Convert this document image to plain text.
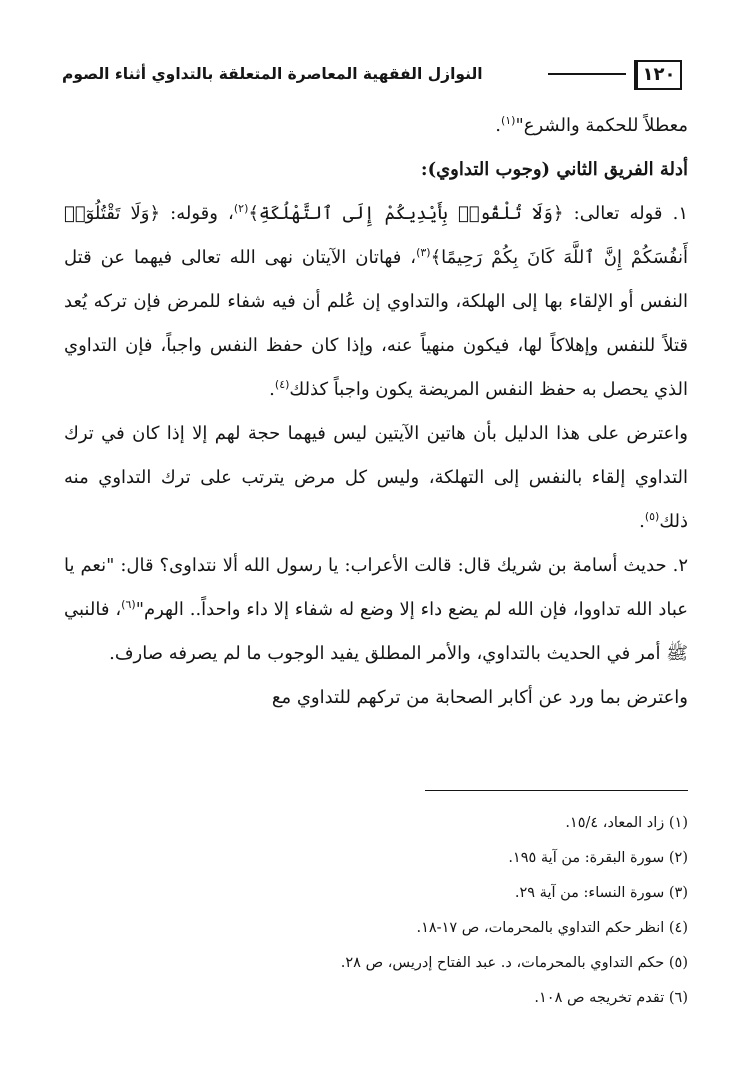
١٢٠
النوازل الفقهية المعاصرة المتعلقة بالتداوي أثناء الصوم

معطلاً للحكمة والشرع"$^{(١)}$.

أدلة الفريق الثاني (وجوب التداوي):

١. قوله تعالى: ﴿وَلَا تُلْقُوا۟ بِأَيْدِيكُمْ إِلَى ٱلتَّهْلُكَةِ﴾$^{(٢)}$، وقوله: ﴿وَلَا تَقْتُلُوٓا۟ أَنفُسَكُمْ إِنَّ ٱللَّهَ كَانَ بِكُمْ رَحِيمًا﴾$^{(٣)}$، فهاتان الآيتان نهى الله تعالى فيهما عن قتل النفس أو الإلقاء بها إلى الهلكة، والتداوي إن عُلم أن فيه شفاء للمرض فإن تركه يُعد قتلاً للنفس وإهلاكاً لها، فيكون منهياً عنه، وإذا كان حفظ النفس واجباً، فإن التداوي الذي يحصل به حفظ النفس المريضة يكون واجباً كذلك$^{(٤)}$.

واعترض على هذا الدليل بأن هاتين الآيتين ليس فيهما حجة لهم إلا إذا كان في ترك التداوي إلقاء بالنفس إلى التهلكة، وليس كل مرض يترتب على ترك التداوي منه ذلك$^{(٥)}$.

٢. حديث أسامة بن شريك قال: قالت الأعراب: يا رسول الله ألا نتداوى؟ قال: "نعم يا عباد الله تداووا، فإن الله لم يضع داء إلا وضع له شفاء إلا داء واحداً.. الهرم"$^{(٦)}$، فالنبي ﷺ أمر في الحديث بالتداوي، والأمر المطلق يفيد الوجوب ما لم يصرفه صارف.

واعترض بما ورد عن أكابر الصحابة من تركهم للتداوي مع

(١) زاد المعاد، ١٥/٤.

(٢) سورة البقرة: من آية ١٩٥.

(٣) سورة النساء: من آية ٢٩.

(٤) انظر حكم التداوي بالمحرمات، ص ١٧-١٨.

(٥) حكم التداوي بالمحرمات، د. عبد الفتاح إدريس، ص ٢٨.

(٦) تقدم تخريجه ص ١٠٨.
